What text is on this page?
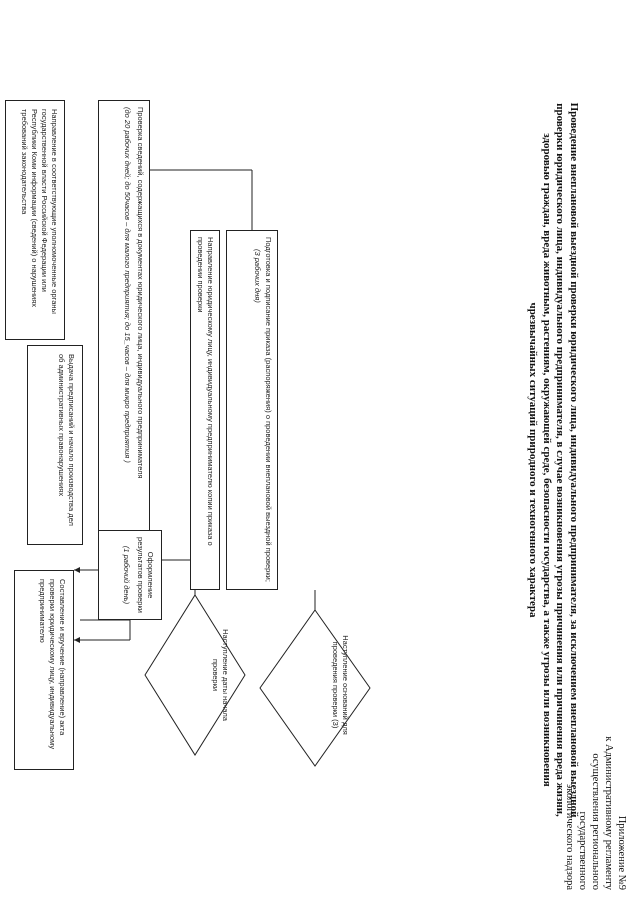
Приложение №9
к Административному регламенту
осуществления регионального
государственного
экологического надзора
Проведение внеплановой выездной проверки юридического лица, индивидуального предпринимателя, за исключением внеплановой выездной проверки юридического лица, индивидуального предпринимателя, в случае возникновения угрозы причинения или причинения вреда жизни, здоровью граждан, вреда животным, растениям, окружающей среде, безопасности государства, а также угрозы или возникновения чрезвычайных ситуаций природного и техногенного характера
Наступление оснований для проведения проверки (3)
Наступление даты начала проверки
Подготовка и подписание приказа (распоряжения) о проведении внеплановой выездной проверки;
(3 рабочих дня)
Направление юридическому лицу, индивидуальному предпринимателю копии приказа о проведении проверки
Проверка сведений, содержащихся в документах юридического лица, индивидуального предпринимателя
(до 20 рабочих дней; до 50часов – для малого предприятия; до 15_часов – для микро предприятия )
Оформление результатов проверки
(1 рабочий день)
Выдача предписаний и начало производства дел об административных правонарушениях
Составление и вручение (направление) акта проверки юридическому лицу, индивидуальному предпринимателю
Направление в соответствующие уполномоченные органы государственной власти Российской Федерации или Республики Коми информации (сведений) о нарушениях требований законодательства
